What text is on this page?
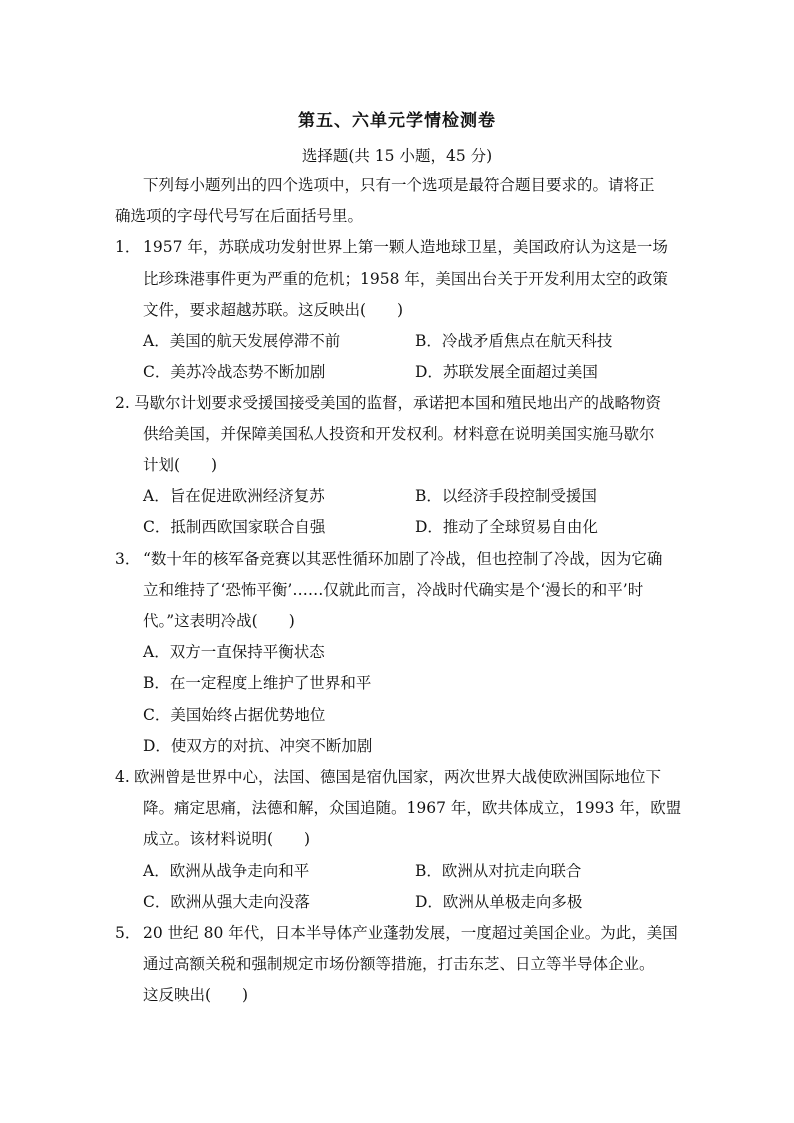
第五、六单元学情检测卷
选择题(共 15 小题，45 分)
下列每小题列出的四个选项中，只有一个选项是最符合题目要求的。请将正
确选项的字母代号写在后面括号里。
1． 1957 年，苏联成功发射世界上第一颗人造地球卫星，美国政府认为这是一场
比珍珠港事件更为严重的危机；1958 年，美国出台关于开发利用太空的政策
文件，要求超越苏联。这反映出(　　)
A．美国的航天发展停滞不前	B．冷战矛盾焦点在航天科技
C．美苏冷战态势不断加剧	D．苏联发展全面超过美国
2. 马歇尔计划要求受援国接受美国的监督，承诺把本国和殖民地出产的战略物资
供给美国，并保障美国私人投资和开发权利。材料意在说明美国实施马歇尔
计划(　　)
A．旨在促进欧洲经济复苏	B．以经济手段控制受援国
C．抵制西欧国家联合自强	D．推动了全球贸易自由化
3． “数十年的核军备竞赛以其恶性循环加剧了冷战，但也控制了冷战，因为它确
立和维持了‘恐怖平衡’……仅就此而言，冷战时代确实是个‘漫长的和平’时
代。”这表明冷战(　　)
A．双方一直保持平衡状态
B．在一定程度上维护了世界和平
C．美国始终占据优势地位
D．使双方的对抗、冲突不断加剧
4. 欧洲曾是世界中心，法国、德国是宿仇国家，两次世界大战使欧洲国际地位下
降。痛定思痛，法德和解，众国追随。1967 年，欧共体成立，1993 年，欧盟
成立。该材料说明(　　)
A．欧洲从战争走向和平	B．欧洲从对抗走向联合
C．欧洲从强大走向没落	D．欧洲从单极走向多极
5． 20 世纪 80 年代，日本半导体产业蓬勃发展，一度超过美国企业。为此，美国
通过高额关税和强制规定市场份额等措施，打击东芝、日立等半导体企业。
这反映出(　　)
